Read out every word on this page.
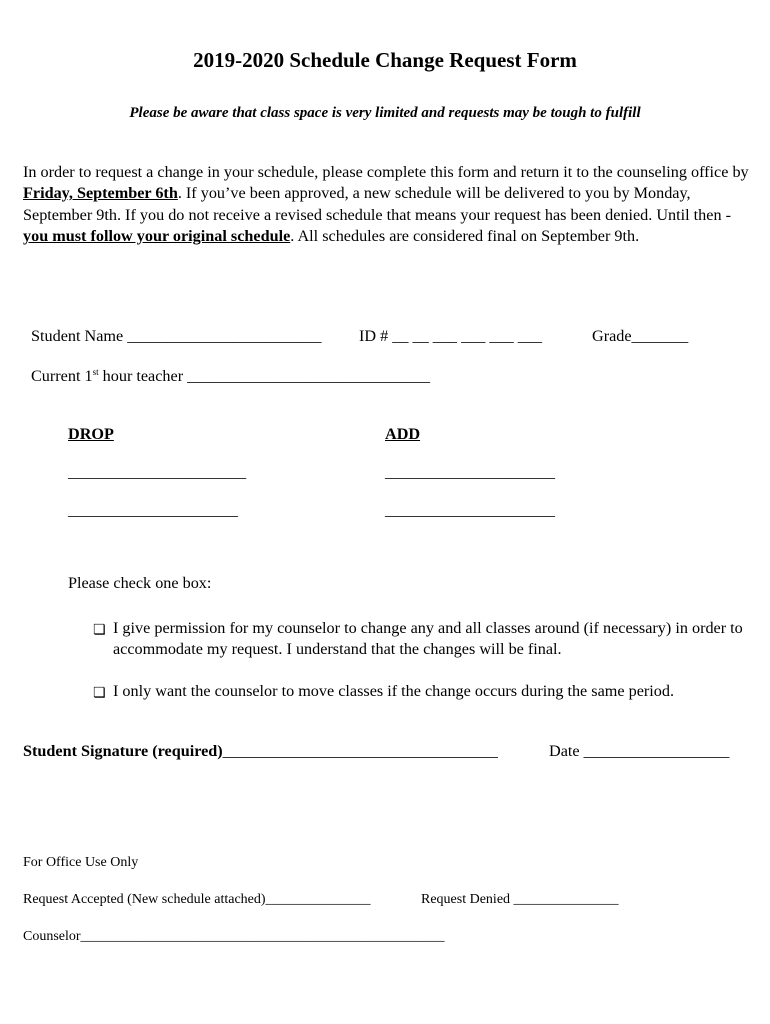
2019-2020 Schedule Change Request Form
Please be aware that class space is very limited and requests may be tough to fulfill
In order to request a change in your schedule, please complete this form and return it to the counseling office by Friday, September 6th. If you’ve been approved, a new schedule will be delivered to you by Monday, September 9th. If you do not receive a revised schedule that means your request has been denied. Until then - you must follow your original schedule. All schedules are considered final on September 9th.
Student Name ________________________ ID # __ __ ___ ___ ___ ___	Grade_______
Current 1st hour teacher ______________________________
DROP	ADD
______________________	_____________________
_____________________	_____________________
Please check one box:
❏ I give permission for my counselor to change any and all classes around (if necessary) in order to accommodate my request. I understand that the changes will be final.
❏ I only want the counselor to move classes if the change occurs during the same period.
Student Signature (required)__________________________________	Date __________________
For Office Use Only
Request Accepted (New schedule attached)_______________	Request Denied _______________
Counselor____________________________________________________
